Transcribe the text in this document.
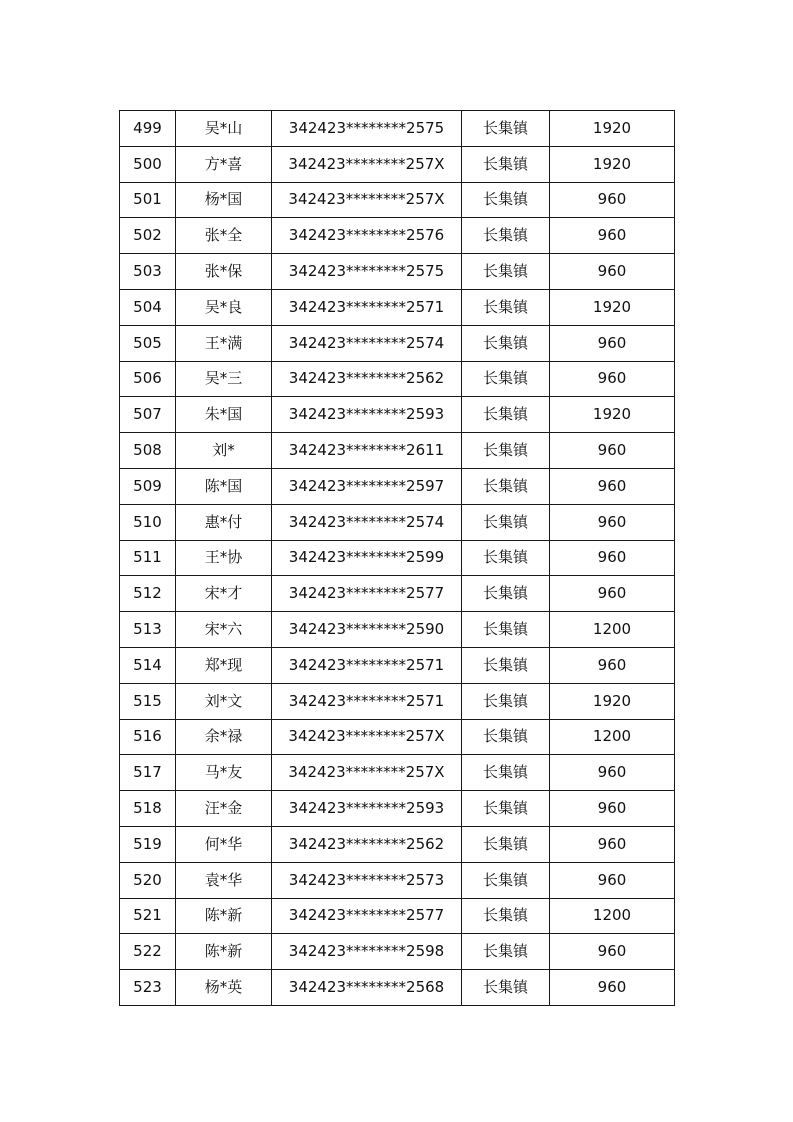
499	吴*山	342423********2575	长集镇	1920
500	方*喜	342423********257X	长集镇	1920
501	杨*国	342423********257X	长集镇	960
502	张*全	342423********2576	长集镇	960
503	张*保	342423********2575	长集镇	960
504	吴*良	342423********2571	长集镇	1920
505	王*满	342423********2574	长集镇	960
506	吴*三	342423********2562	长集镇	960
507	朱*国	342423********2593	长集镇	1920
508	刘*	342423********2611	长集镇	960
509	陈*国	342423********2597	长集镇	960
510	惠*付	342423********2574	长集镇	960
511	王*协	342423********2599	长集镇	960
512	宋*才	342423********2577	长集镇	960
513	宋*六	342423********2590	长集镇	1200
514	郑*现	342423********2571	长集镇	960
515	刘*文	342423********2571	长集镇	1920
516	余*禄	342423********257X	长集镇	1200
517	马*友	342423********257X	长集镇	960
518	汪*金	342423********2593	长集镇	960
519	何*华	342423********2562	长集镇	960
520	袁*华	342423********2573	长集镇	960
521	陈*新	342423********2577	长集镇	1200
522	陈*新	342423********2598	长集镇	960
523	杨*英	342423********2568	长集镇	960
